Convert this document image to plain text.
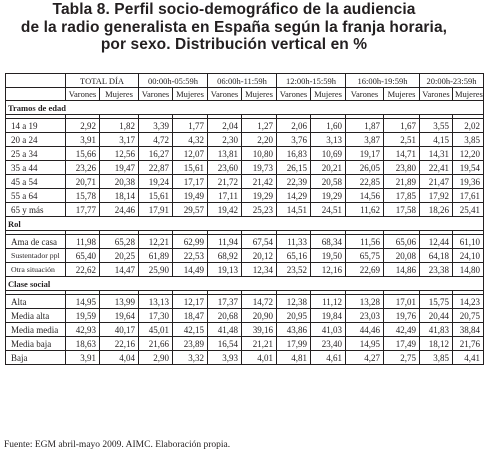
Tabla 8. Perfil socio-demográfico de la audiencia
de la radio generalista en España según la franja horaria,
por sexo. Distribución vertical en %
	TOTAL DÍA		00:00h-05:59h		06:00h-11:59h		12:00h-15:59h		16:00h-19:59h		20:00h-23:59h	
	Varones	Mujeres	Varones	Mujeres	Varones	Mujeres	Varones	Mujeres	Varones	Mujeres	Varones	Mujeres
Tramos de edad												

14 a 19	2,92	1,82	3,39	1,77	2,04	1,27	2,06	1,60	1,87	1,67	3,55	2,02
20 a 24	3,91	3,17	4,72	4,32	2,30	2,20	3,76	3,13	3,87	2,51	4,15	3,85
25 a 34	15,66	12,56	16,27	12,07	13,81	10,80	16,83	10,69	19,17	14,71	14,31	12,20
35 a 44	23,26	19,47	22,87	15,61	23,60	19,73	26,15	20,21	26,05	23,80	22,41	19,54
45 a 54	20,71	20,38	19,24	17,17	21,72	21,42	22,39	20,58	22,85	21,89	21,47	19,36
55 a 64	15,78	18,14	15,61	19,49	17,11	19,29	14,29	19,29	14,56	17,85	17,92	17,61
65 y más	17,77	24,46	17,91	29,57	19,42	25,23	14,51	24,51	11,62	17,58	18,26	25,41
Rol												

Ama de casa	11,98	65,28	12,21	62,99	11,94	67,54	11,33	68,34	11,56	65,06	12,44	61,10
Sustentador ppl	65,40	20,25	61,89	22,53	68,92	20,12	65,16	19,50	65,75	20,08	64,18	24,10
Otra situación	22,62	14,47	25,90	14,49	19,13	12,34	23,52	12,16	22,69	14,86	23,38	14,80
Clase social												

Alta	14,95	13,99	13,13	12,17	17,37	14,72	12,38	11,12	13,28	17,01	15,75	14,23
Media alta	19,59	19,64	17,30	18,47	20,68	20,90	20,95	19,84	23,03	19,76	20,44	20,75
Media media	42,93	40,17	45,01	42,15	41,48	39,16	43,86	41,03	44,46	42,49	41,83	38,84
Media baja	18,63	22,16	21,66	23,89	16,54	21,21	17,99	23,40	14,95	17,49	18,12	21,76
Baja	3,91	4,04	2,90	3,32	3,93	4,01	4,81	4,61	4,27	2,75	3,85	4,41
Fuente: EGM abril-mayo 2009. AIMC. Elaboración propia.
